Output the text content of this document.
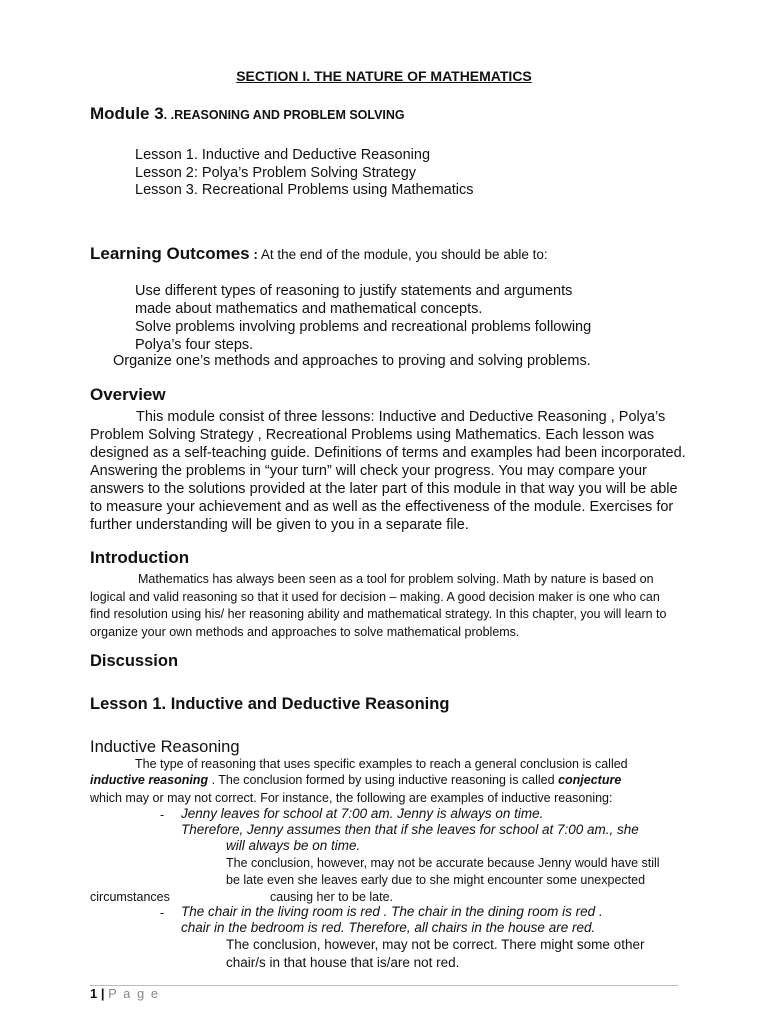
SECTION I. THE NATURE OF MATHEMATICS
Module 3. .REASONING AND PROBLEM SOLVING
Lesson 1. Inductive and Deductive Reasoning
Lesson 2: Polya’s Problem Solving Strategy
Lesson 3. Recreational Problems using Mathematics
Learning Outcomes : At the end of the module, you should be able to:
Use different types of reasoning to justify statements and arguments
made about mathematics and mathematical concepts.
Solve problems involving problems and recreational problems following
Polya’s four steps.
Organize one’s methods and approaches to proving and solving problems.
Overview
This module consist of three lessons: Inductive and Deductive Reasoning , Polya’s Problem Solving Strategy , Recreational Problems using Mathematics. Each lesson was designed as a self-teaching guide. Definitions of terms and examples had been incorporated. Answering the problems in “your turn” will check your progress. You may compare your answers to the solutions provided at the later part of this module in that way you will be able to measure your achievement and as well as the effectiveness of the module. Exercises for further understanding will be given to you in a separate file.
Introduction
Mathematics has always been seen as a tool for problem solving. Math by nature is based on logical and valid reasoning so that it used for decision – making. A good decision maker is one who can find resolution using his/ her reasoning ability and mathematical strategy. In this chapter, you will learn to organize your own methods and approaches to solve mathematical problems.
Discussion
Lesson 1. Inductive and Deductive Reasoning
Inductive Reasoning
The type of reasoning that uses specific examples to reach a general conclusion is called
inductive reasoning . The conclusion formed by using inductive reasoning is called conjecture
which may or may not correct. For instance, the following are examples of inductive reasoning:
- Jenny leaves for school at 7:00 am. Jenny is always on time.
Therefore, Jenny assumes then that if she leaves for school at 7:00 am., she
will always be on time.
The conclusion, however, may not be accurate because Jenny would have still
be late even she leaves early due to she might encounter some unexpected
circumstances	causing her to be late.
- The chair in the living room is red . The chair in the dining room is red .
chair in the bedroom is red. Therefore, all chairs in the house are red.
The conclusion, however, may not be correct. There might some other
chair/s in that house that is/are not red.
1 | P a g e
